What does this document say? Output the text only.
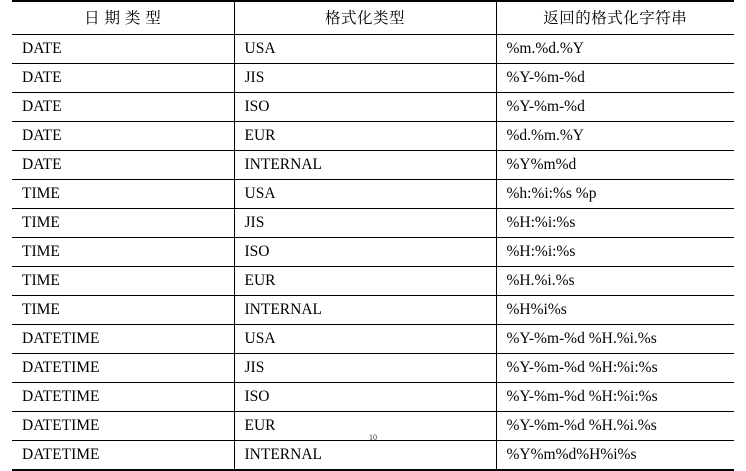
日 期 类 型	格式化类型	返回的格式化字符串
DATE	USA	%m.%d.%Y
DATE	JIS	%Y-%m-%d
DATE	ISO	%Y-%m-%d
DATE	EUR	%d.%m.%Y
DATE	INTERNAL	%Y%m%d
TIME	USA	%h:%i:%s %p
TIME	JIS	%H:%i:%s
TIME	ISO	%H:%i:%s
TIME	EUR	%H.%i.%s
TIME	INTERNAL	%H%i%s
DATETIME	USA	%Y-%m-%d %H.%i.%s
DATETIME	JIS	%Y-%m-%d %H:%i:%s
DATETIME	ISO	%Y-%m-%d %H:%i:%s
DATETIME	EUR	%Y-%m-%d %H.%i.%s
DATETIME	INTERNAL	%Y%m%d%H%i%s
10
